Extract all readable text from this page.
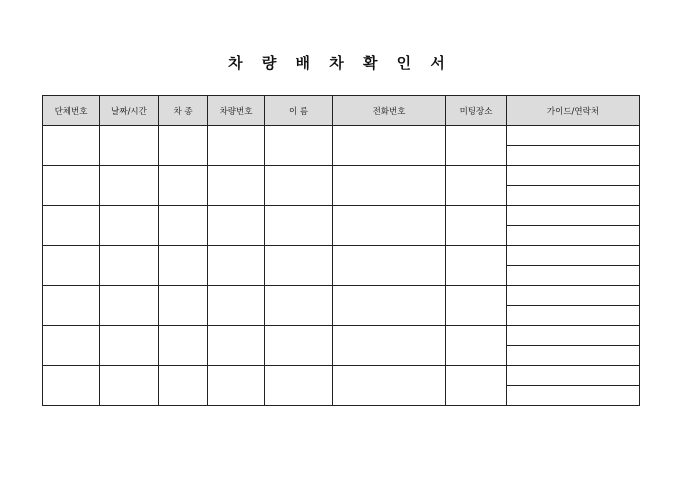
차 량 배 차 확 인 서
단체번호	날짜/시간	차 종	차량번호	이 름	전화번호	미팅장소	가이드/연락처
